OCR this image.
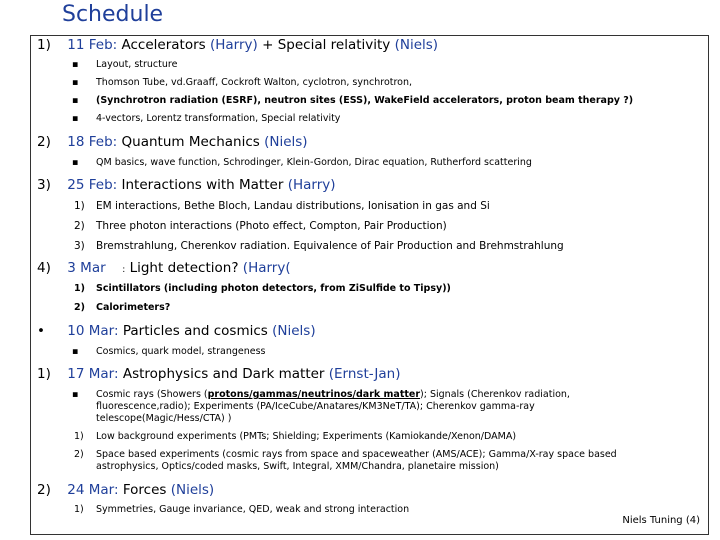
Schedule
1) 11 Feb: Accelerators (Harry) + Special relativity (Niels)
▪ Layout, structure
▪ Thomson Tube, vd.Graaff, Cockroft Walton, cyclotron, synchrotron,
▪ (Synchrotron radiation (ESRF), neutron sites (ESS), WakeField accelerators, proton beam therapy ?)
▪ 4-vectors, Lorentz transformation, Special relativity
2) 18 Feb: Quantum Mechanics (Niels)
▪ QM basics, wave function, Schrodinger, Klein-Gordon, Dirac equation, Rutherford scattering
3) 25 Feb: Interactions with Matter (Harry)
1) EM interactions, Bethe Bloch, Landau distributions, Ionisation in gas and Si
2) Three photon interactions (Photo effect, Compton, Pair Production)
3) Bremstrahlung, Cherenkov radiation. Equivalence of Pair Production and Brehmstrahlung
4) 3 Mar : Light detection? (Harry(
1) Scintillators (including photon detectors, from ZiSulfide to Tipsy))
2) Calorimeters?
• 10 Mar: Particles and cosmics (Niels)
▪ Cosmics, quark model, strangeness
1) 17 Mar: Astrophysics and Dark matter (Ernst-Jan)
▪ Cosmic rays (Showers (protons/gammas/neutrinos/dark matter); Signals (Cherenkov radiation,
fluorescence,radio); Experiments (PA/IceCube/Anatares/KM3NeT/TA); Cherenkov gamma-ray
telescope(Magic/Hess/CTA) )
1) Low background experiments (PMTs; Shielding; Experiments (Kamiokande/Xenon/DAMA)
2) Space based experiments (cosmic rays from space and spaceweather (AMS/ACE); Gamma/X-ray space based
astrophysics, Optics/coded masks, Swift, Integral, XMM/Chandra, planetaire mission)
2) 24 Mar: Forces (Niels)
1) Symmetries, Gauge invariance, QED, weak and strong interaction
Niels Tuning (4)
